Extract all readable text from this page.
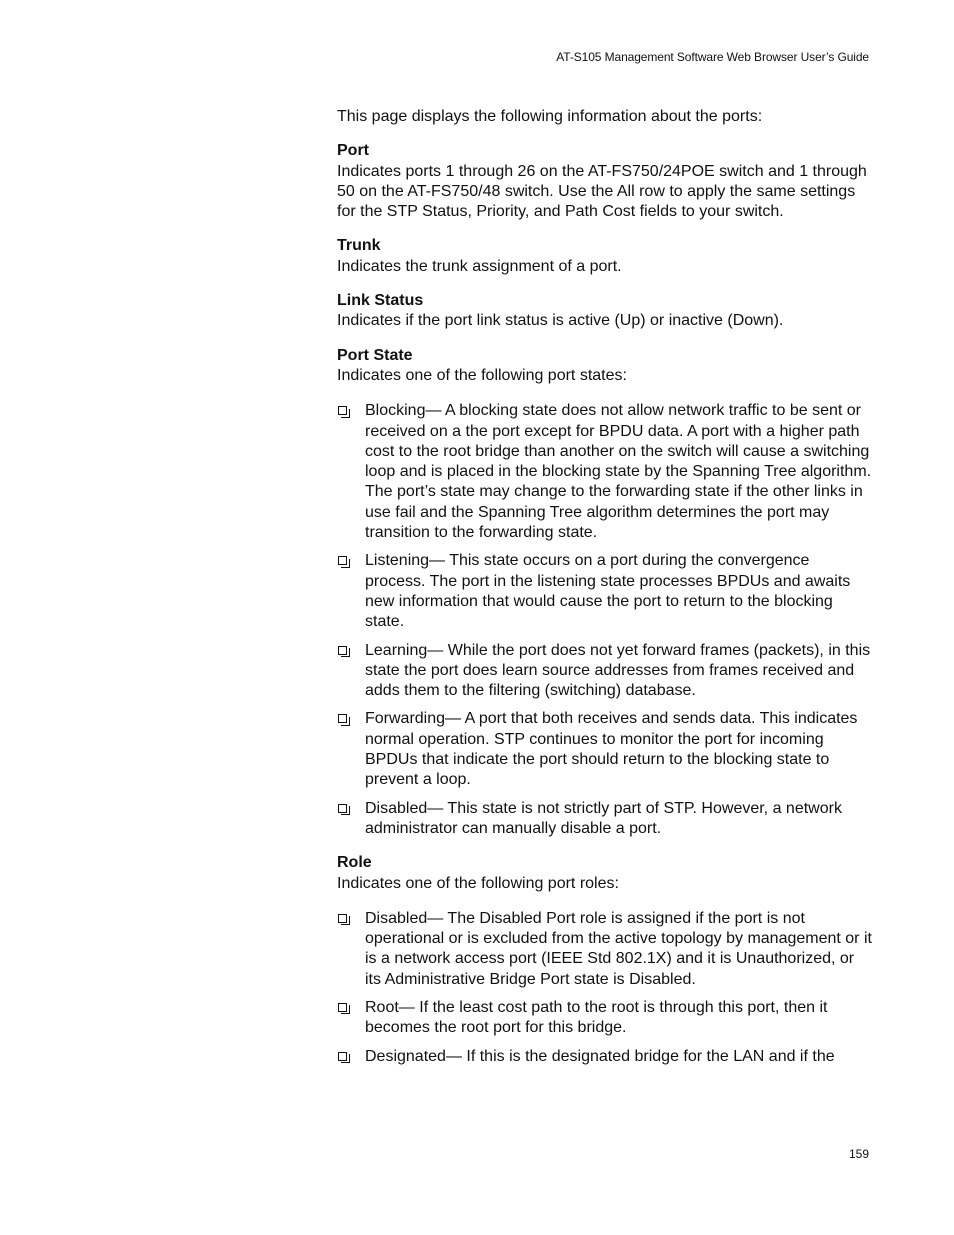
AT-S105 Management Software Web Browser User’s Guide

This page displays the following information about the ports:

Port

Indicates ports 1 through 26 on the AT-FS750/24POE switch and 1 through 50 on the AT-FS750/48 switch. Use the All row to apply the same settings for the STP Status, Priority, and Path Cost fields to your switch.

Trunk

Indicates the trunk assignment of a port.

Link Status

Indicates if the port link status is active (Up) or inactive (Down).

Port State

Indicates one of the following port states:

Blocking— A blocking state does not allow network traffic to be sent or received on a the port except for BPDU data. A port with a higher path cost to the root bridge than another on the switch will cause a switching loop and is placed in the blocking state by the Spanning Tree algorithm. The port’s state may change to the forwarding state if the other links in use fail and the Spanning Tree algorithm determines the port may transition to the forwarding state.
Listening— This state occurs on a port during the convergence process. The port in the listening state processes BPDUs and awaits new information that would cause the port to return to the blocking state.
Learning— While the port does not yet forward frames (packets), in this state the port does learn source addresses from frames received and adds them to the filtering (switching) database.
Forwarding— A port that both receives and sends data. This indicates normal operation. STP continues to monitor the port for incoming BPDUs that indicate the port should return to the blocking state to prevent a loop.
Disabled— This state is not strictly part of STP. However, a network administrator can manually disable a port.

Role

Indicates one of the following port roles:

Disabled— The Disabled Port role is assigned if the port is not operational or is excluded from the active topology by management or it is a network access port (IEEE Std 802.1X) and it is Unauthorized, or its Administrative Bridge Port state is Disabled.
Root— If the least cost path to the root is through this port, then it becomes the root port for this bridge.
Designated— If this is the designated bridge for the LAN and if the
159
